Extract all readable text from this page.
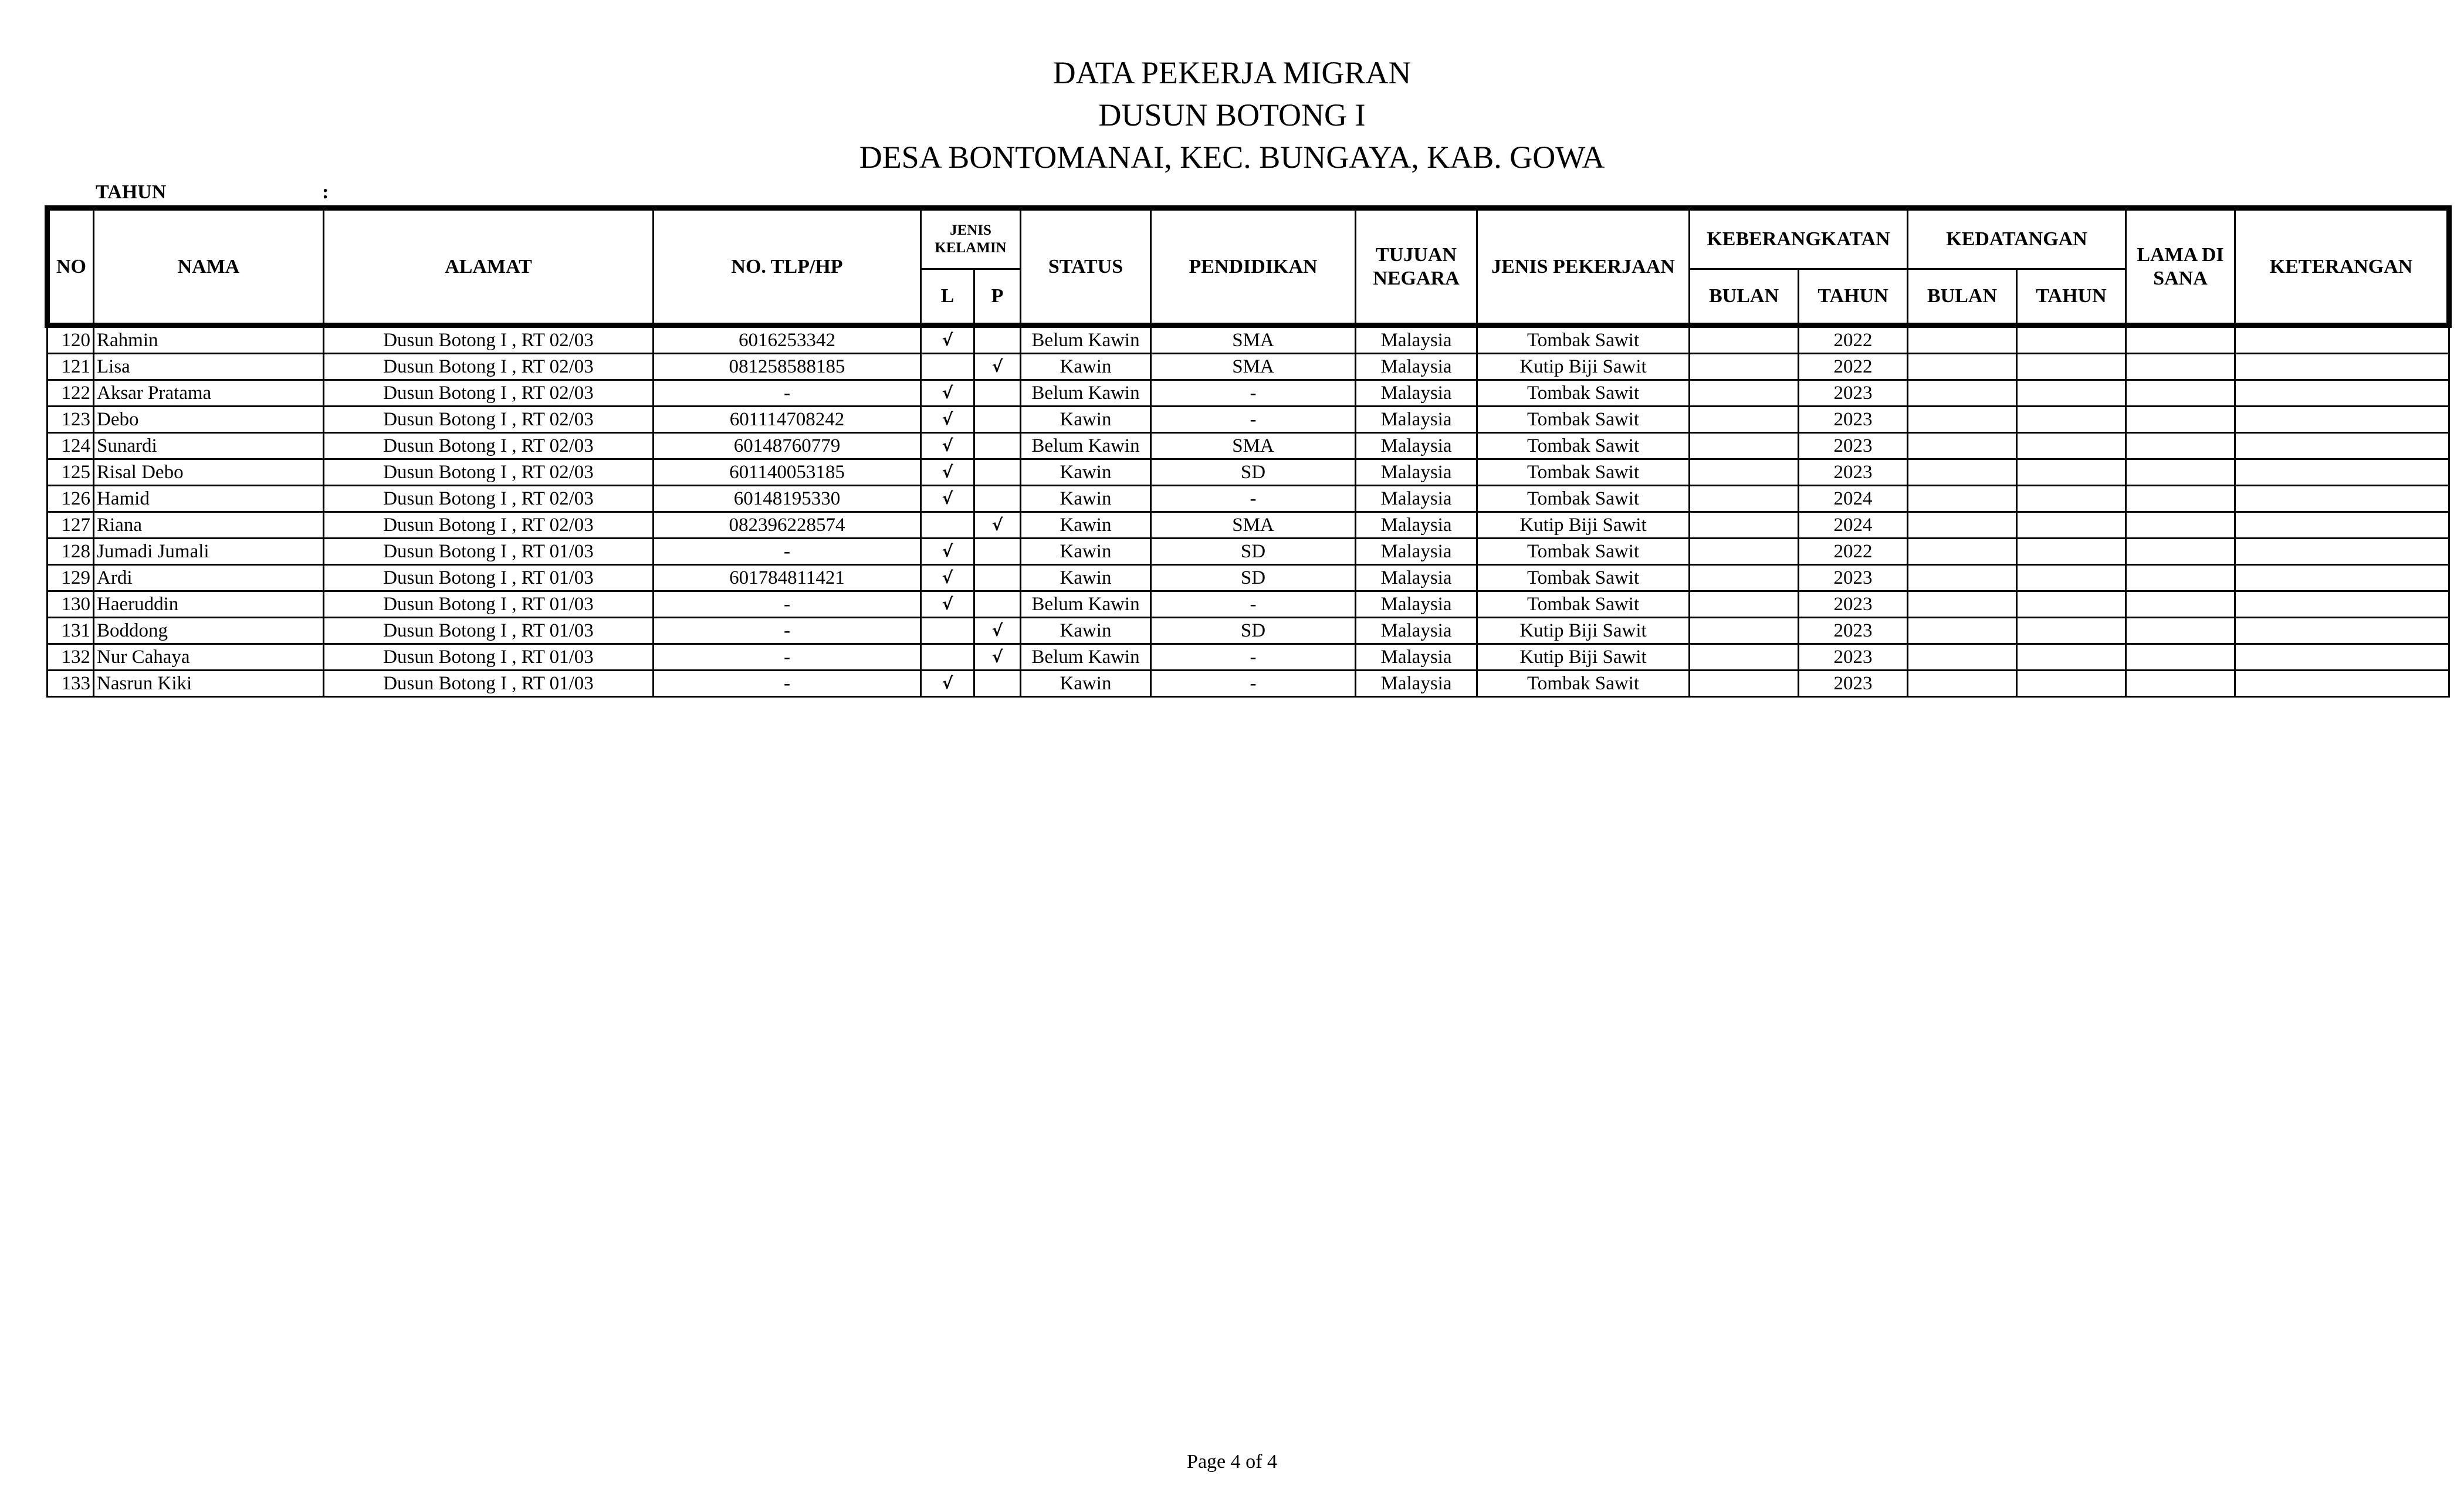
DATA PEKERJA MIGRAN
DUSUN BOTONG I
DESA BONTOMANAI, KEC. BUNGAYA, KAB. GOWA
TAHUN	:
NO	NAMA	ALAMAT	NO. TLP/HP	JENIS KELAMIN		STATUS	PENDIDIKAN	TUJUAN NEGARA	JENIS PEKERJAAN	KEBERANGKATAN		KEDATANGAN		LAMA DI SANA	KETERANGAN
				L	P					BULAN	TAHUN	BULAN	TAHUN		
120	Rahmin	Dusun Botong I , RT 02/03	6016253342	√		Belum Kawin	SMA	Malaysia	Tombak Sawit		2022				
121	Lisa	Dusun Botong I , RT 02/03	081258588185		√	Kawin	SMA	Malaysia	Kutip Biji Sawit		2022				
122	Aksar Pratama	Dusun Botong I , RT 02/03	-	√		Belum Kawin	-	Malaysia	Tombak Sawit		2023				
123	Debo	Dusun Botong I , RT 02/03	601114708242	√		Kawin	-	Malaysia	Tombak Sawit		2023				
124	Sunardi	Dusun Botong I , RT 02/03	60148760779	√		Belum Kawin	SMA	Malaysia	Tombak Sawit		2023				
125	Risal Debo	Dusun Botong I , RT 02/03	601140053185	√		Kawin	SD	Malaysia	Tombak Sawit		2023				
126	Hamid	Dusun Botong I , RT 02/03	60148195330	√		Kawin	-	Malaysia	Tombak Sawit		2024				
127	Riana	Dusun Botong I , RT 02/03	082396228574		√	Kawin	SMA	Malaysia	Kutip Biji Sawit		2024				
128	Jumadi Jumali	Dusun Botong I , RT 01/03	-	√		Kawin	SD	Malaysia	Tombak Sawit		2022				
129	Ardi	Dusun Botong I , RT 01/03	601784811421	√		Kawin	SD	Malaysia	Tombak Sawit		2023				
130	Haeruddin	Dusun Botong I , RT 01/03	-	√		Belum Kawin	-	Malaysia	Tombak Sawit		2023				
131	Boddong	Dusun Botong I , RT 01/03	-		√	Kawin	SD	Malaysia	Kutip Biji Sawit		2023				
132	Nur Cahaya	Dusun Botong I , RT 01/03	-		√	Belum Kawin	-	Malaysia	Kutip Biji Sawit		2023				
133	Nasrun Kiki	Dusun Botong I , RT 01/03	-	√		Kawin	-	Malaysia	Tombak Sawit		2023				
Page 4 of 4
